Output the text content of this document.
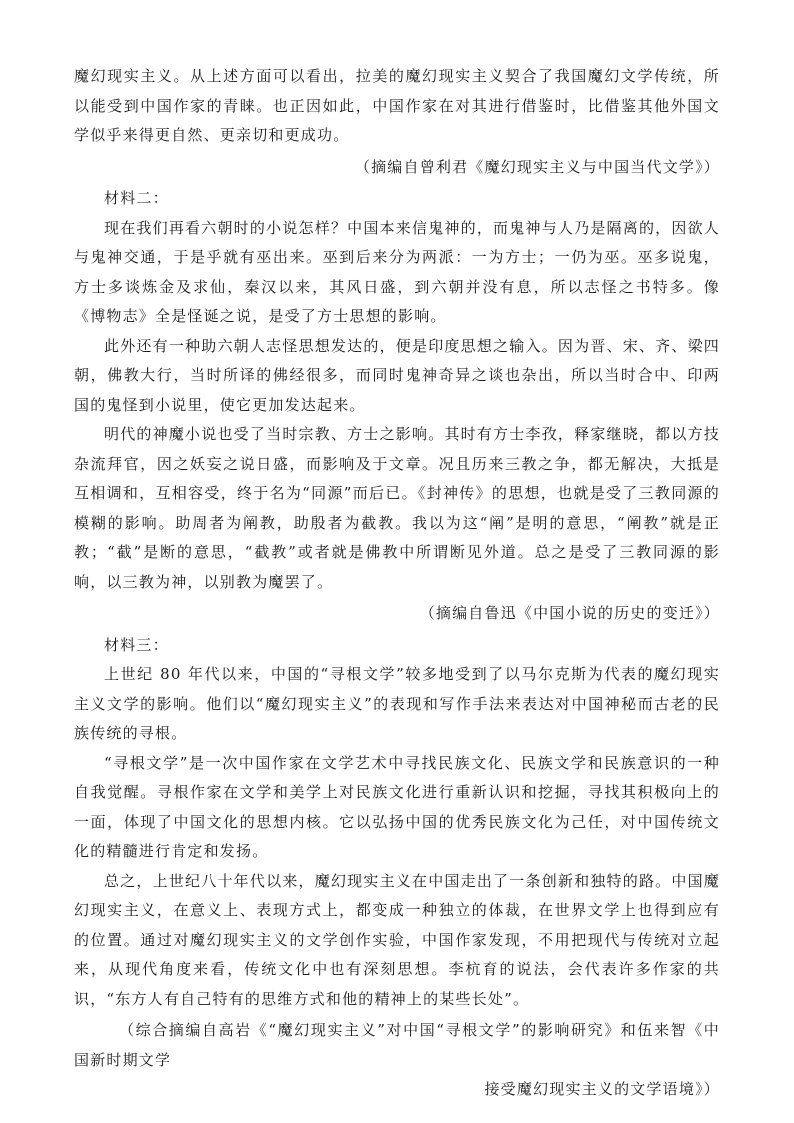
魔幻现实主义。从上述方面可以看出，拉美的魔幻现实主义契合了我国魔幻文学传统，所以能受到中国作家的青睐。也正因如此，中国作家在对其进行借鉴时，比借鉴其他外国文学似乎来得更自然、更亲切和更成功。

（摘编自曾利君《魔幻现实主义与中国当代文学》）

材料二：

现在我们再看六朝时的小说怎样？中国本来信鬼神的，而鬼神与人乃是隔离的，因欲人与鬼神交通，于是乎就有巫出来。巫到后来分为两派：一为方士；一仍为巫。巫多说鬼，方士多谈炼金及求仙，秦汉以来，其风日盛，到六朝并没有息，所以志怪之书特多。像《博物志》全是怪诞之说，是受了方士思想的影响。

此外还有一种助六朝人志怪思想发达的，便是印度思想之输入。因为晋、宋、齐、梁四朝，佛教大行，当时所译的佛经很多，而同时鬼神奇异之谈也杂出，所以当时合中、印两国的鬼怪到小说里，使它更加发达起来。

明代的神魔小说也受了当时宗教、方士之影响。其时有方士李孜，释家继晓，都以方技杂流拜官，因之妖妄之说日盛，而影响及于文章。况且历来三教之争，都无解决，大抵是互相调和，互相容受，终于名为“同源”而后已。《封神传》的思想，也就是受了三教同源的模糊的影响。助周者为阐教，助殷者为截教。我以为这“阐”是明的意思，“阐教”就是正教；“截”是断的意思，“截教”或者就是佛教中所谓断见外道。总之是受了三教同源的影响，以三教为神，以别教为魔罢了。

（摘编自鲁迅《中国小说的历史的变迁》）

材料三：

上世纪 80 年代以来，中国的“寻根文学”较多地受到了以马尔克斯为代表的魔幻现实主义文学的影响。他们以“魔幻现实主义”的表现和写作手法来表达对中国神秘而古老的民族传统的寻根。

“寻根文学”是一次中国作家在文学艺术中寻找民族文化、民族文学和民族意识的一种自我觉醒。寻根作家在文学和美学上对民族文化进行重新认识和挖掘，寻找其积极向上的一面，体现了中国文化的思想内核。它以弘扬中国的优秀民族文化为己任，对中国传统文化的精髓进行肯定和发扬。

总之，上世纪八十年代以来，魔幻现实主义在中国走出了一条创新和独特的路。中国魔幻现实主义，在意义上、表现方式上，都变成一种独立的体裁，在世界文学上也得到应有的位置。通过对魔幻现实主义的文学创作实验，中国作家发现，不用把现代与传统对立起来，从现代角度来看，传统文化中也有深刻思想。李杭育的说法，会代表许多作家的共识，“东方人有自己特有的思维方式和他的精神上的某些长处”。

（综合摘编自高岩《“魔幻现实主义”对中国“寻根文学”的影响研究》和伍来智《中国新时期文学

接受魔幻现实主义的文学语境》）
